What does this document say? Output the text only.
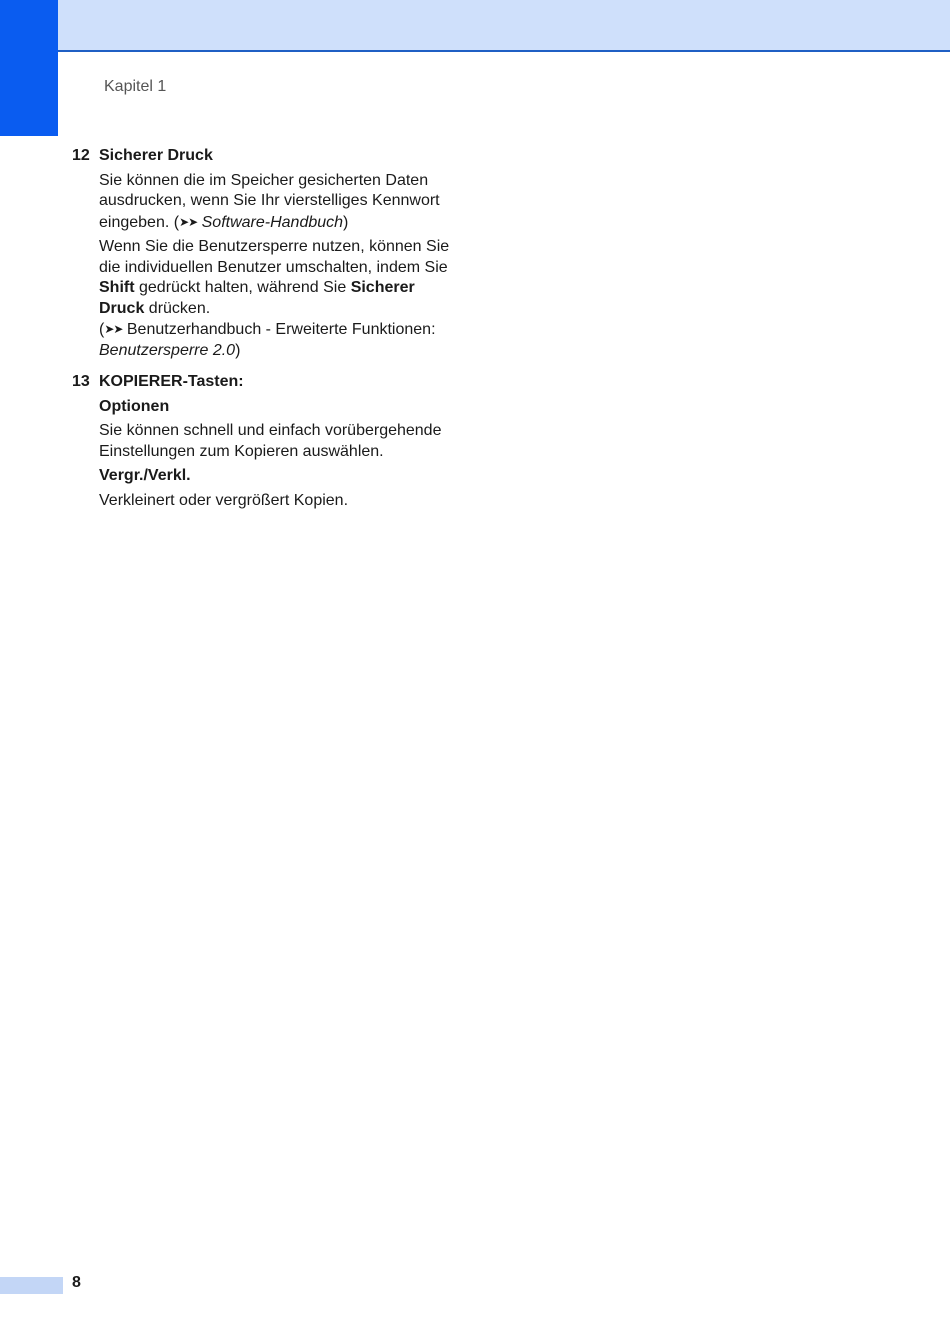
Kapitel 1
12 Sicherer Druck

Sie können die im Speicher gesicherten Daten ausdrucken, wenn Sie Ihr vierstelliges Kennwort eingeben. (➤➤ Software-Handbuch)

Wenn Sie die Benutzersperre nutzen, können Sie die individuellen Benutzer umschalten, indem Sie Shift gedrückt halten, während Sie Sicherer Druck drücken.
(➤➤ Benutzerhandbuch - Erweiterte Funktionen: Benutzersperre 2.0)

13 KOPIERER-Tasten:
Optionen

Sie können schnell und einfach vorübergehende Einstellungen zum Kopieren auswählen.

Vergr./Verkl.

Verkleinert oder vergrößert Kopien.

8
